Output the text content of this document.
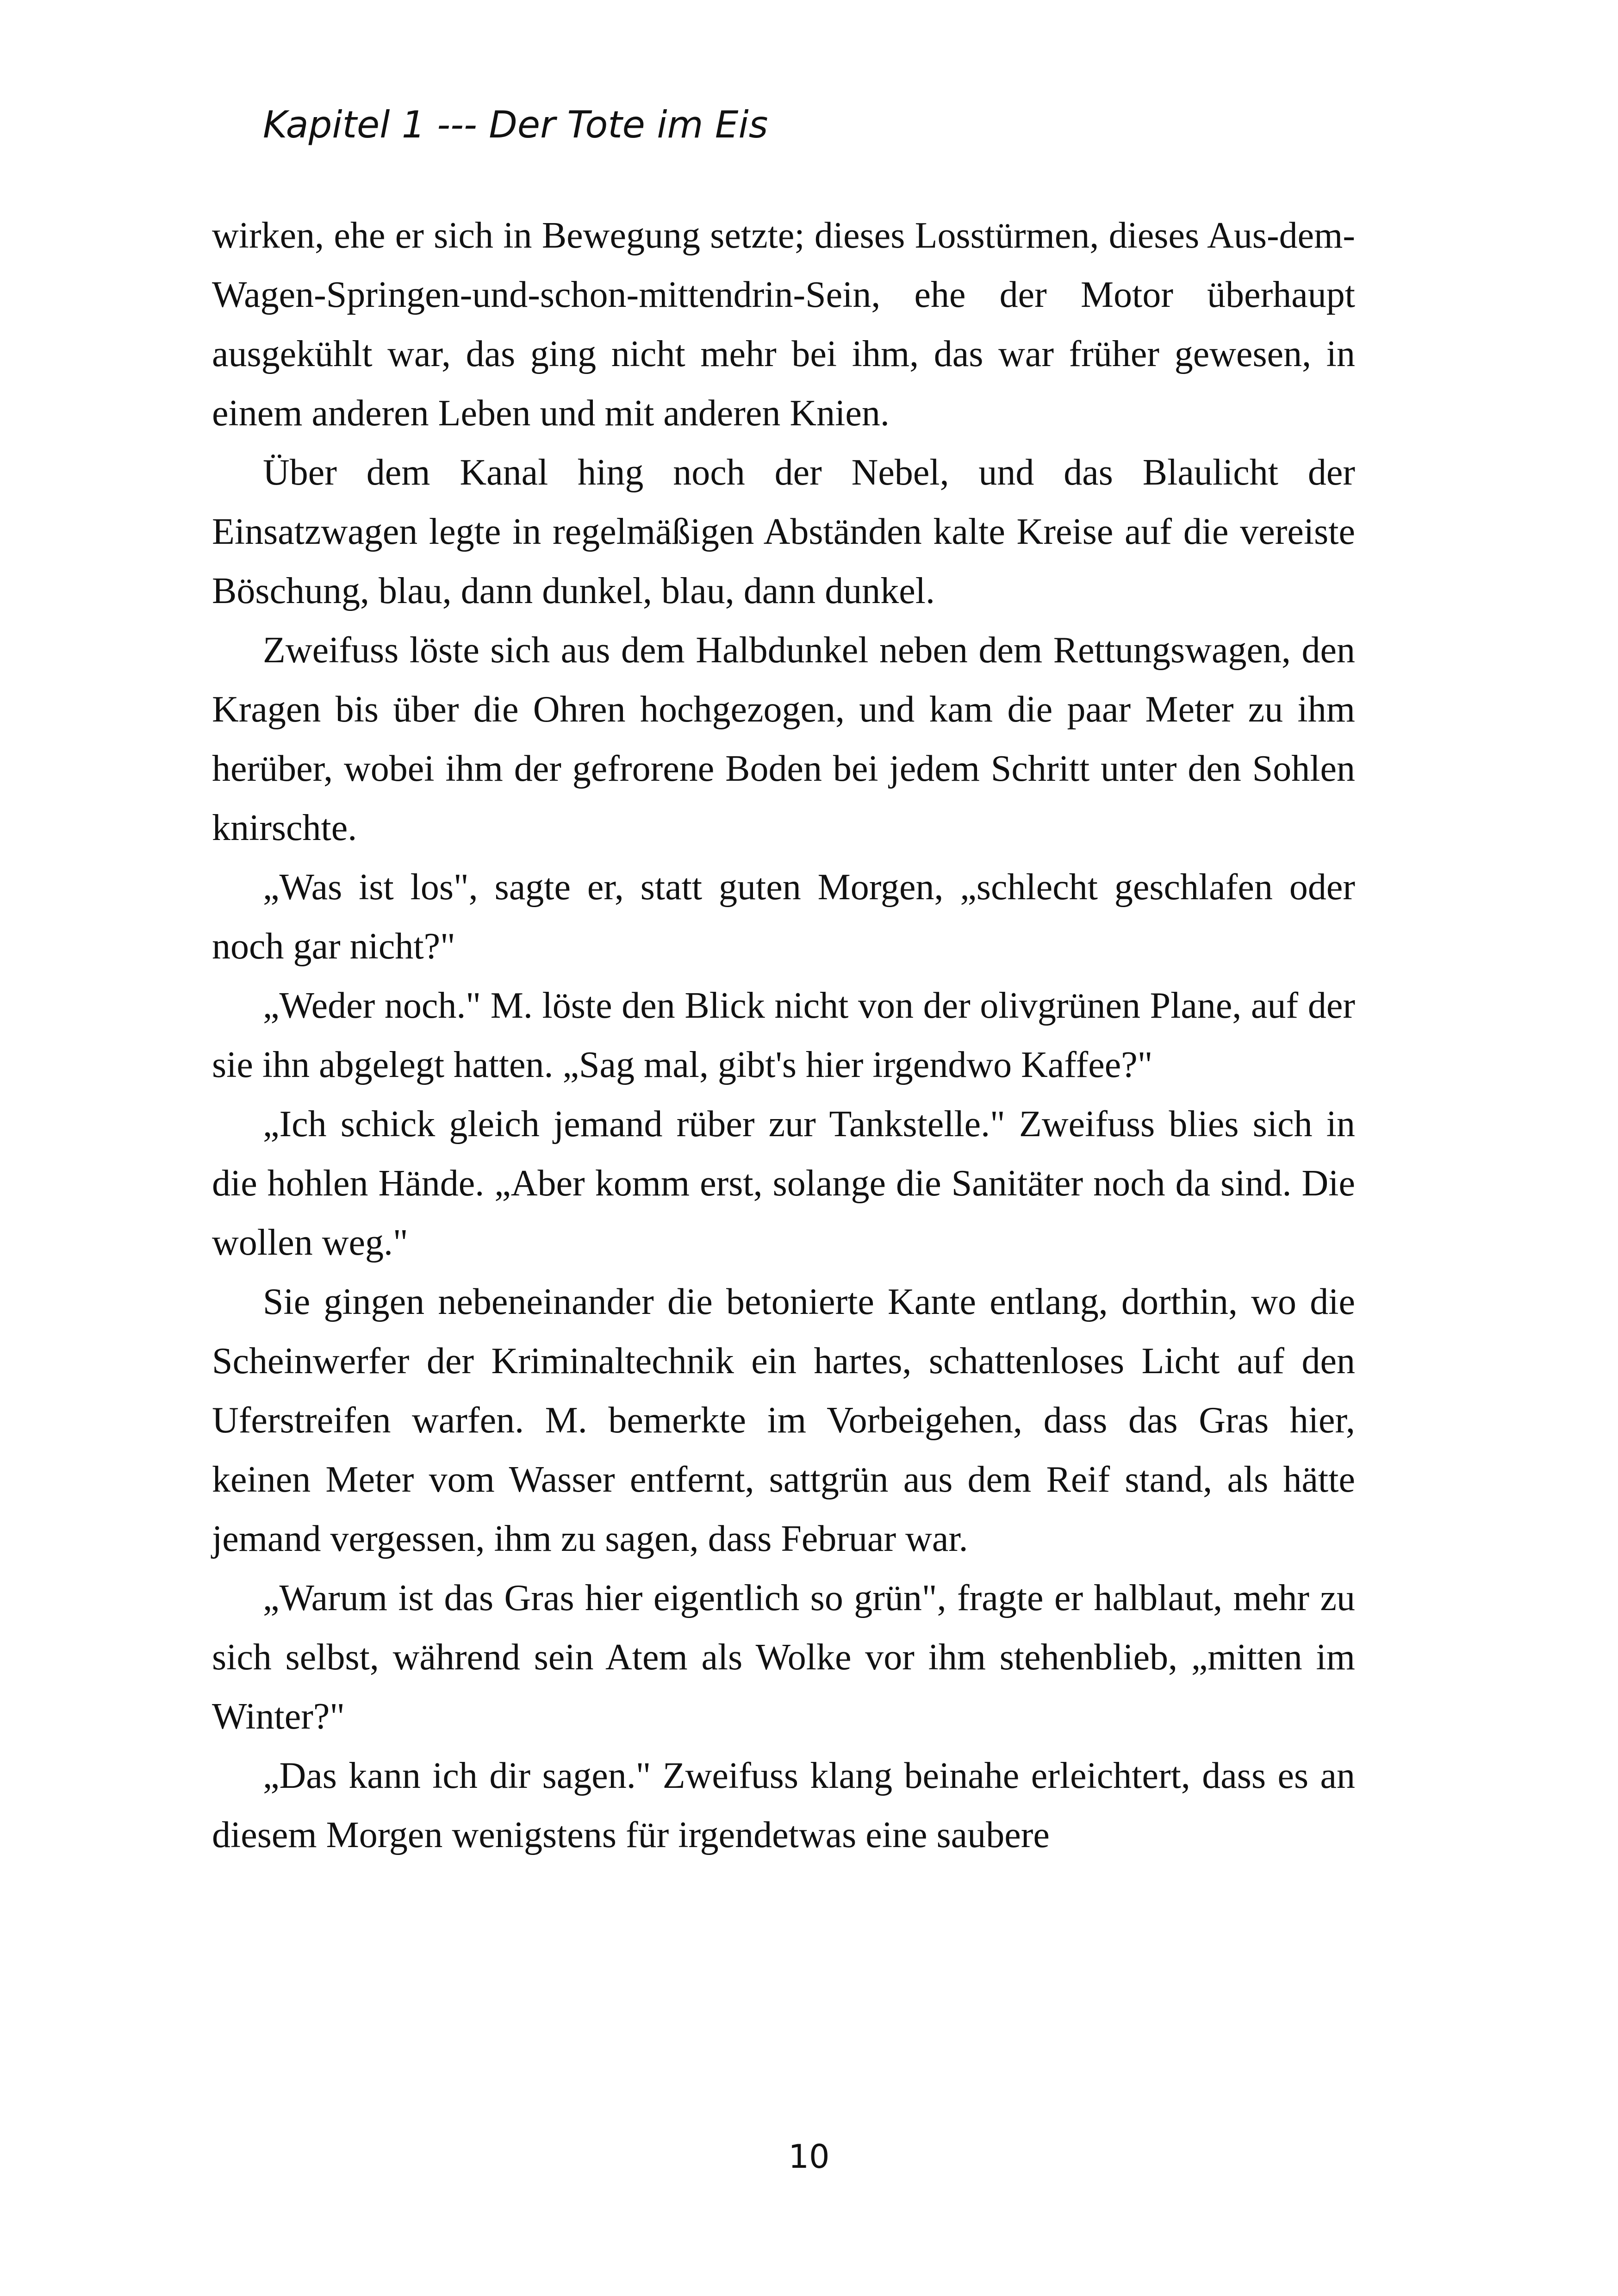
Kapitel 1 --- Der Tote im Eis

wirken, ehe er sich in Bewegung setzte; dieses Losstürmen, dieses Aus-dem-Wagen-Springen-und-schon-mittendrin-Sein, ehe der Motor überhaupt ausgekühlt war, das ging nicht mehr bei ihm, das war früher gewesen, in einem anderen Leben und mit anderen Knien.

Über dem Kanal hing noch der Nebel, und das Blaulicht der Einsatzwagen legte in regelmäßigen Abständen kalte Kreise auf die vereiste Böschung, blau, dann dunkel, blau, dann dunkel.

Zweifuss löste sich aus dem Halbdunkel neben dem Rettungswagen, den Kragen bis über die Ohren hochgezogen, und kam die paar Meter zu ihm herüber, wobei ihm der gefrorene Boden bei jedem Schritt unter den Sohlen knirschte.

„Was ist los", sagte er, statt guten Morgen, „schlecht geschlafen oder noch gar nicht?"

„Weder noch." M. löste den Blick nicht von der olivgrünen Plane, auf der sie ihn abgelegt hatten. „Sag mal, gibt's hier irgendwo Kaffee?"

„Ich schick gleich jemand rüber zur Tankstelle." Zweifuss blies sich in die hohlen Hände. „Aber komm erst, solange die Sanitäter noch da sind. Die wollen weg."

Sie gingen nebeneinander die betonierte Kante entlang, dorthin, wo die Scheinwerfer der Kriminaltechnik ein hartes, schattenloses Licht auf den Uferstreifen warfen. M. bemerkte im Vorbeigehen, dass das Gras hier, keinen Meter vom Wasser entfernt, sattgrün aus dem Reif stand, als hätte jemand vergessen, ihm zu sagen, dass Februar war.

„Warum ist das Gras hier eigentlich so grün", fragte er halblaut, mehr zu sich selbst, während sein Atem als Wolke vor ihm stehenblieb, „mitten im Winter?"

„Das kann ich dir sagen." Zweifuss klang beinahe erleichtert, dass es an diesem Morgen wenigstens für irgendetwas eine saubere

10
